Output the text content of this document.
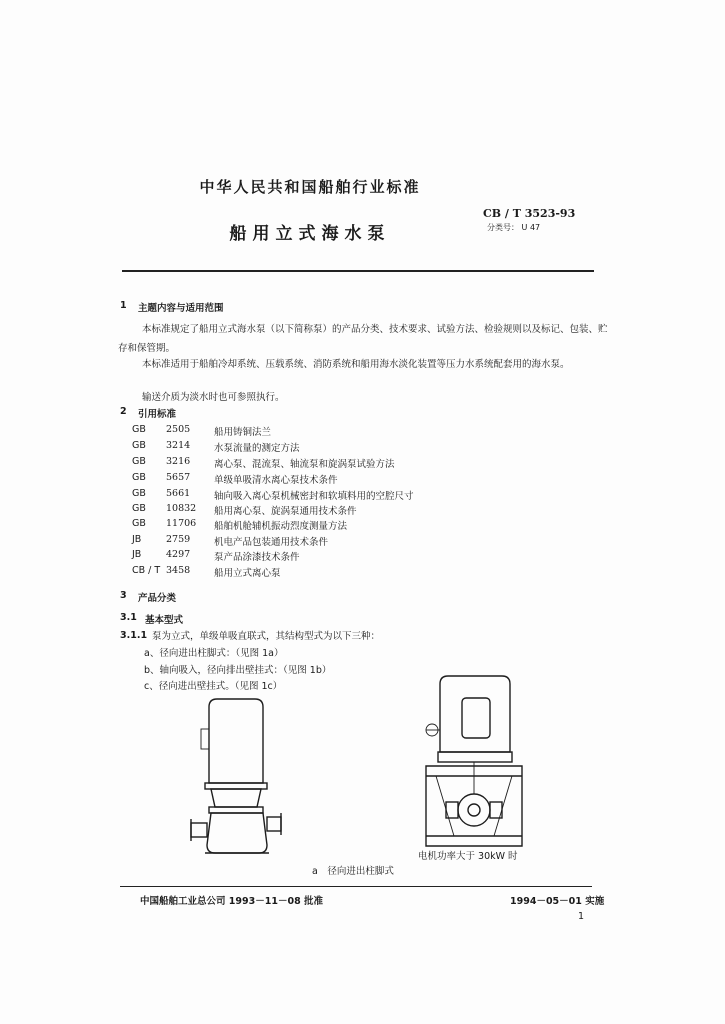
中华人民共和国船舶行业标准
船用立式海水泵
CB / T 3523-93
分类号： U 47
1 主题内容与适用范围
本标准规定了船用立式海水泵（以下简称泵）的产品分类、技术要求、试验方法、检验规则以及标记、包装、贮存和保管期。
本标准适用于船舶冷却系统、压载系统、消防系统和船用海水淡化装置等压力水系统配套用的海水泵。
输送介质为淡水时也可参照执行。
2 引用标准
GB 2505	船用铸铜法兰
GB 3214	水泵流量的测定方法
GB 3216	离心泵、混流泵、轴流泵和旋涡泵试验方法
GB 5657	单级单吸清水离心泵技术条件
GB 5661	轴向吸入离心泵机械密封和软填料用的空腔尺寸
GB 10832 船用离心泵、旋涡泵通用技术条件
GB 11706 船舶机舱辅机振动烈度测量方法
JB	2759	机电产品包装通用技术条件
JB	4297	泵产品涂漆技术条件
CB / T 3458	船用立式离心泵
3 产品分类
3.1 基本型式
3.1.1 泵为立式，单级单吸直联式，其结构型式为以下三种：
a、径向进出柱脚式：（见图 1a）
b、轴向吸入，径向排出壁挂式：（见图 1b）
c、径向进出壁挂式。（见图 1c）
电机功率大于 30kW 时
a　径向进出柱脚式
中国船舶工业总公司 1993－11－08 批准	1994－05－01 实施
1
